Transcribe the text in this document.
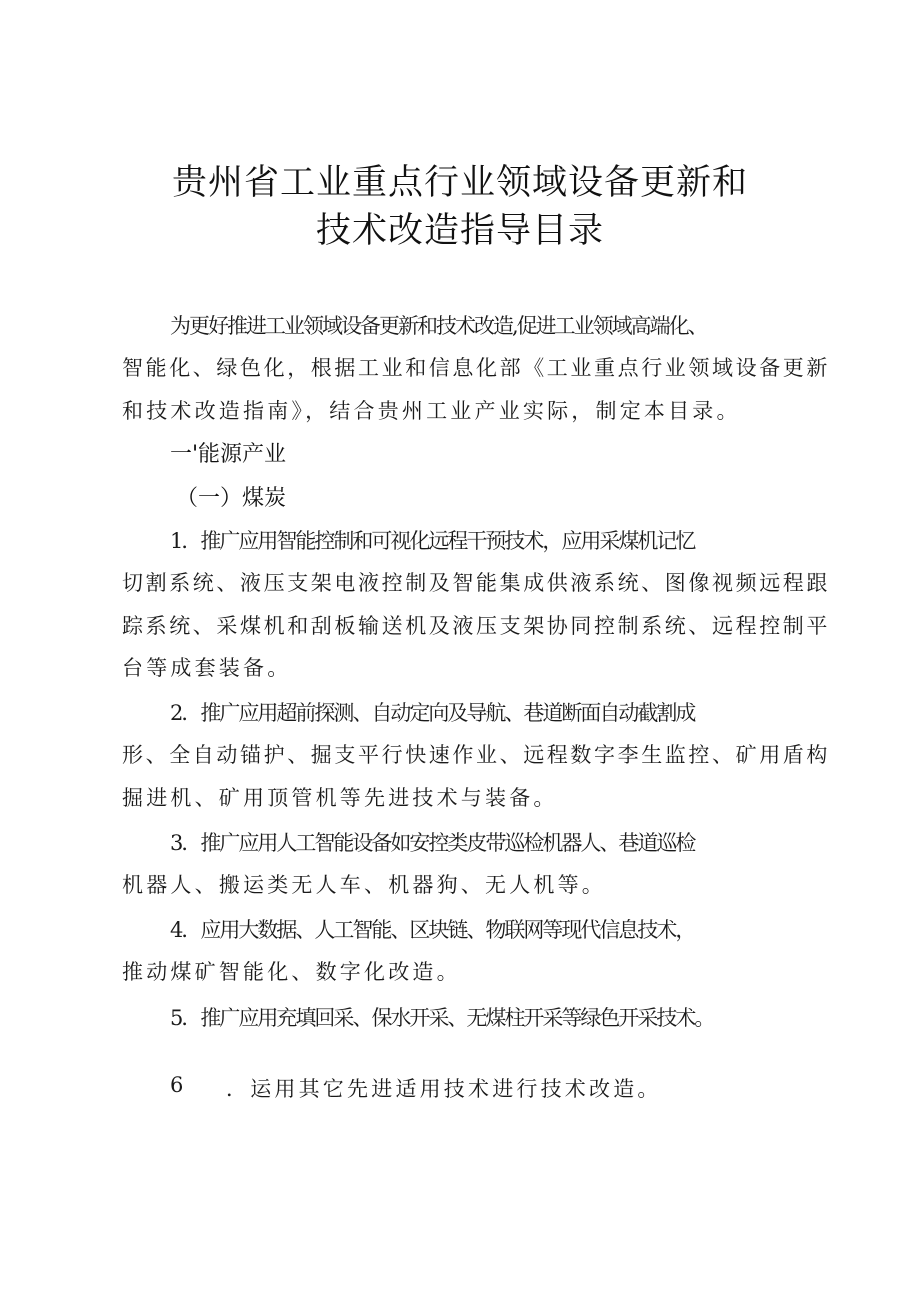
贵州省工业重点行业领域设备更新和
技术改造指导目录
为更好推进工业领域设备更新和技术改造,促进工业领域高端化、
智能化、绿色化，根据工业和信息化部《工业重点行业领域设备更新
和技术改造指南》，结合贵州工业产业实际，制定本目录。
一'能源产业
（一）煤炭
1．推广应用智能控制和可视化远程干预技术，应用采煤机记忆
切割系统、液压支架电液控制及智能集成供液系统、图像视频远程跟
踪系统、采煤机和刮板输送机及液压支架协同控制系统、远程控制平
台等成套装备。
2．推广应用超前探测、自动定向及导航、巷道断面自动截割成
形、全自动锚护、掘支平行快速作业、远程数字李生监控、矿用盾构
掘进机、矿用顶管机等先进技术与装备。
3．推广应用人工智能设备如安控类皮带巡检机器人、巷道巡检
机器人、搬运类无人车、机器狗、无人机等。
4．应用大数据、人工智能、区块链、物联网等现代信息技术，
推动煤矿智能化、数字化改造。
5．推广应用充填回采、保水开采、无煤柱开采等绿色开采技术。
6 ．运用其它先进适用技术进行技术改造。
